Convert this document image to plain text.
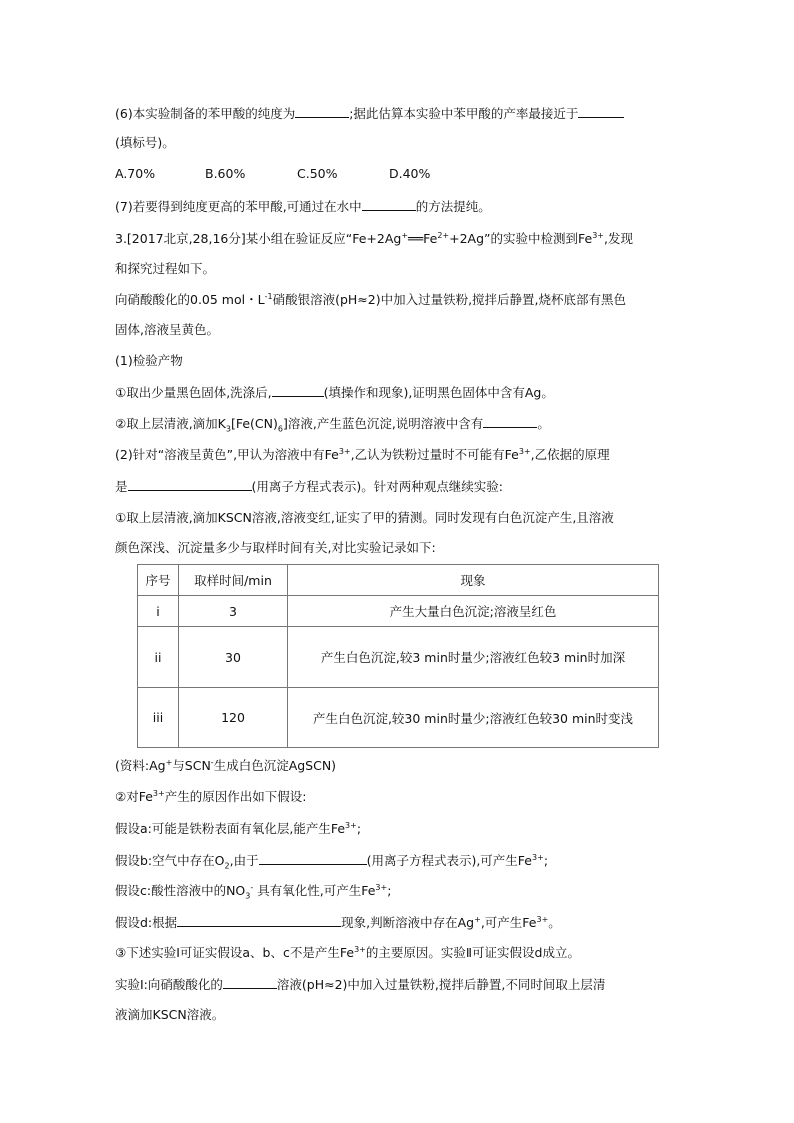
(6)本实验制备的苯甲酸的纯度为	;据此估算本实验中苯甲酸的产率最接近于
(填标号)。
A.70%	B.60%	C.50%	D.40%
(7)若要得到纯度更高的苯甲酸,可通过在水中	的方法提纯。
3.[2017北京,28,16分]某小组在验证反应“$Fe+2Ag^+══Fe^{2+}+2Ag$”的实验中检测到$Fe^{3+}$,发现
和探究过程如下。
向硝酸酸化的0.05 mol・$L^{-1}$硝酸银溶液(pH≈2)中加入过量铁粉,搅拌后静置,烧杯底部有黑色
固体,溶液呈黄色。
(1)检验产物
①取出少量黑色固体,洗涤后,	(填操作和现象),证明黑色固体中含有Ag。
②取上层清液,滴加$K_3[Fe(CN)_6]$溶液,产生蓝色沉淀,说明溶液中含有	。
(2)针对“溶液呈黄色”,甲认为溶液中有$Fe^{3+}$,乙认为铁粉过量时不可能有$Fe^{3+}$,乙依据的原理
是	(用离子方程式表示)。针对两种观点继续实验:
①取上层清液,滴加KSCN溶液,溶液变红,证实了甲的猜测。同时发现有白色沉淀产生,且溶液
颜色深浅、沉淀量多少与取样时间有关,对比实验记录如下:
序号	取样时间/min	现象
i	3	产生大量白色沉淀;溶液呈红色
ii	30	产生白色沉淀,较3 min时量少;溶液红色较3 min时加深
iii	120	产生白色沉淀,较30 min时量少;溶液红色较30 min时变浅
(资料:Ag+与SCN-生成白色沉淀AgSCN)
②对$Fe^{3+}$产生的原因作出如下假设:
假设a:可能是铁粉表面有氧化层,能产生$Fe^{3+}$;
假设b:空气中存在$O_2$,由于	(用离子方程式表示),可产生$Fe^{3+}$;
假设c:酸性溶液中的$NO_3^-$ 具有氧化性,可产生$Fe^{3+}$;
假设d:根据	现象,判断溶液中存在Ag+,可产生$Fe^{3+}$。
③下述实验Ⅰ可证实假设a、b、c不是产生$Fe^{3+}$的主要原因。实验Ⅱ可证实假设d成立。
实验Ⅰ:向硝酸酸化的	溶液(pH≈2)中加入过量铁粉,搅拌后静置,不同时间取上层清
液滴加KSCN溶液。
